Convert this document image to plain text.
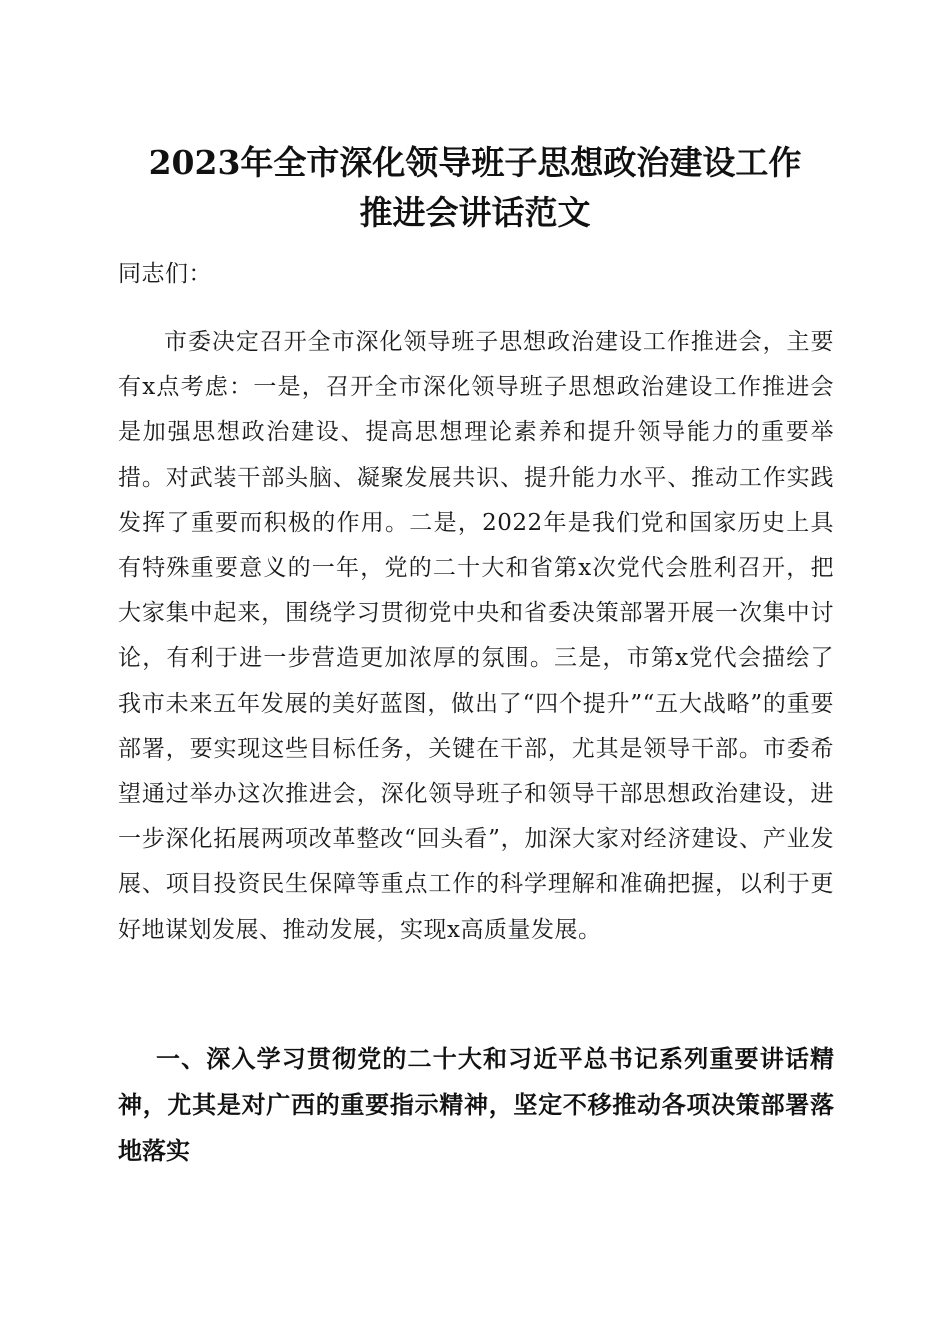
2023年全市深化领导班子思想政治建设工作
推进会讲话范文

同志们：

市委决定召开全市深化领导班子思想政治建设工作推进会，主要有x点考虑：一是，召开全市深化领导班子思想政治建设工作推进会是加强思想政治建设、提高思想理论素养和提升领导能力的重要举措。对武装干部头脑、凝聚发展共识、提升能力水平、推动工作实践发挥了重要而积极的作用。二是，2022年是我们党和国家历史上具有特殊重要意义的一年，党的二十大和省第x次党代会胜利召开，把大家集中起来，围绕学习贯彻党中央和省委决策部署开展一次集中讨论，有利于进一步营造更加浓厚的氛围。三是，市第x党代会描绘了我市未来五年发展的美好蓝图，做出了“四个提升”“五大战略”的重要部署，要实现这些目标任务，关键在干部，尤其是领导干部。市委希望通过举办这次推进会，深化领导班子和领导干部思想政治建设，进一步深化拓展两项改革整改“回头看”，加深大家对经济建设、产业发展、项目投资民生保障等重点工作的科学理解和准确把握，以利于更好地谋划发展、推动发展，实现x高质量发展。

一、深入学习贯彻党的二十大和习近平总书记系列重要讲话精神，尤其是对广西的重要指示精神，坚定不移推动各项决策部署落地落实
